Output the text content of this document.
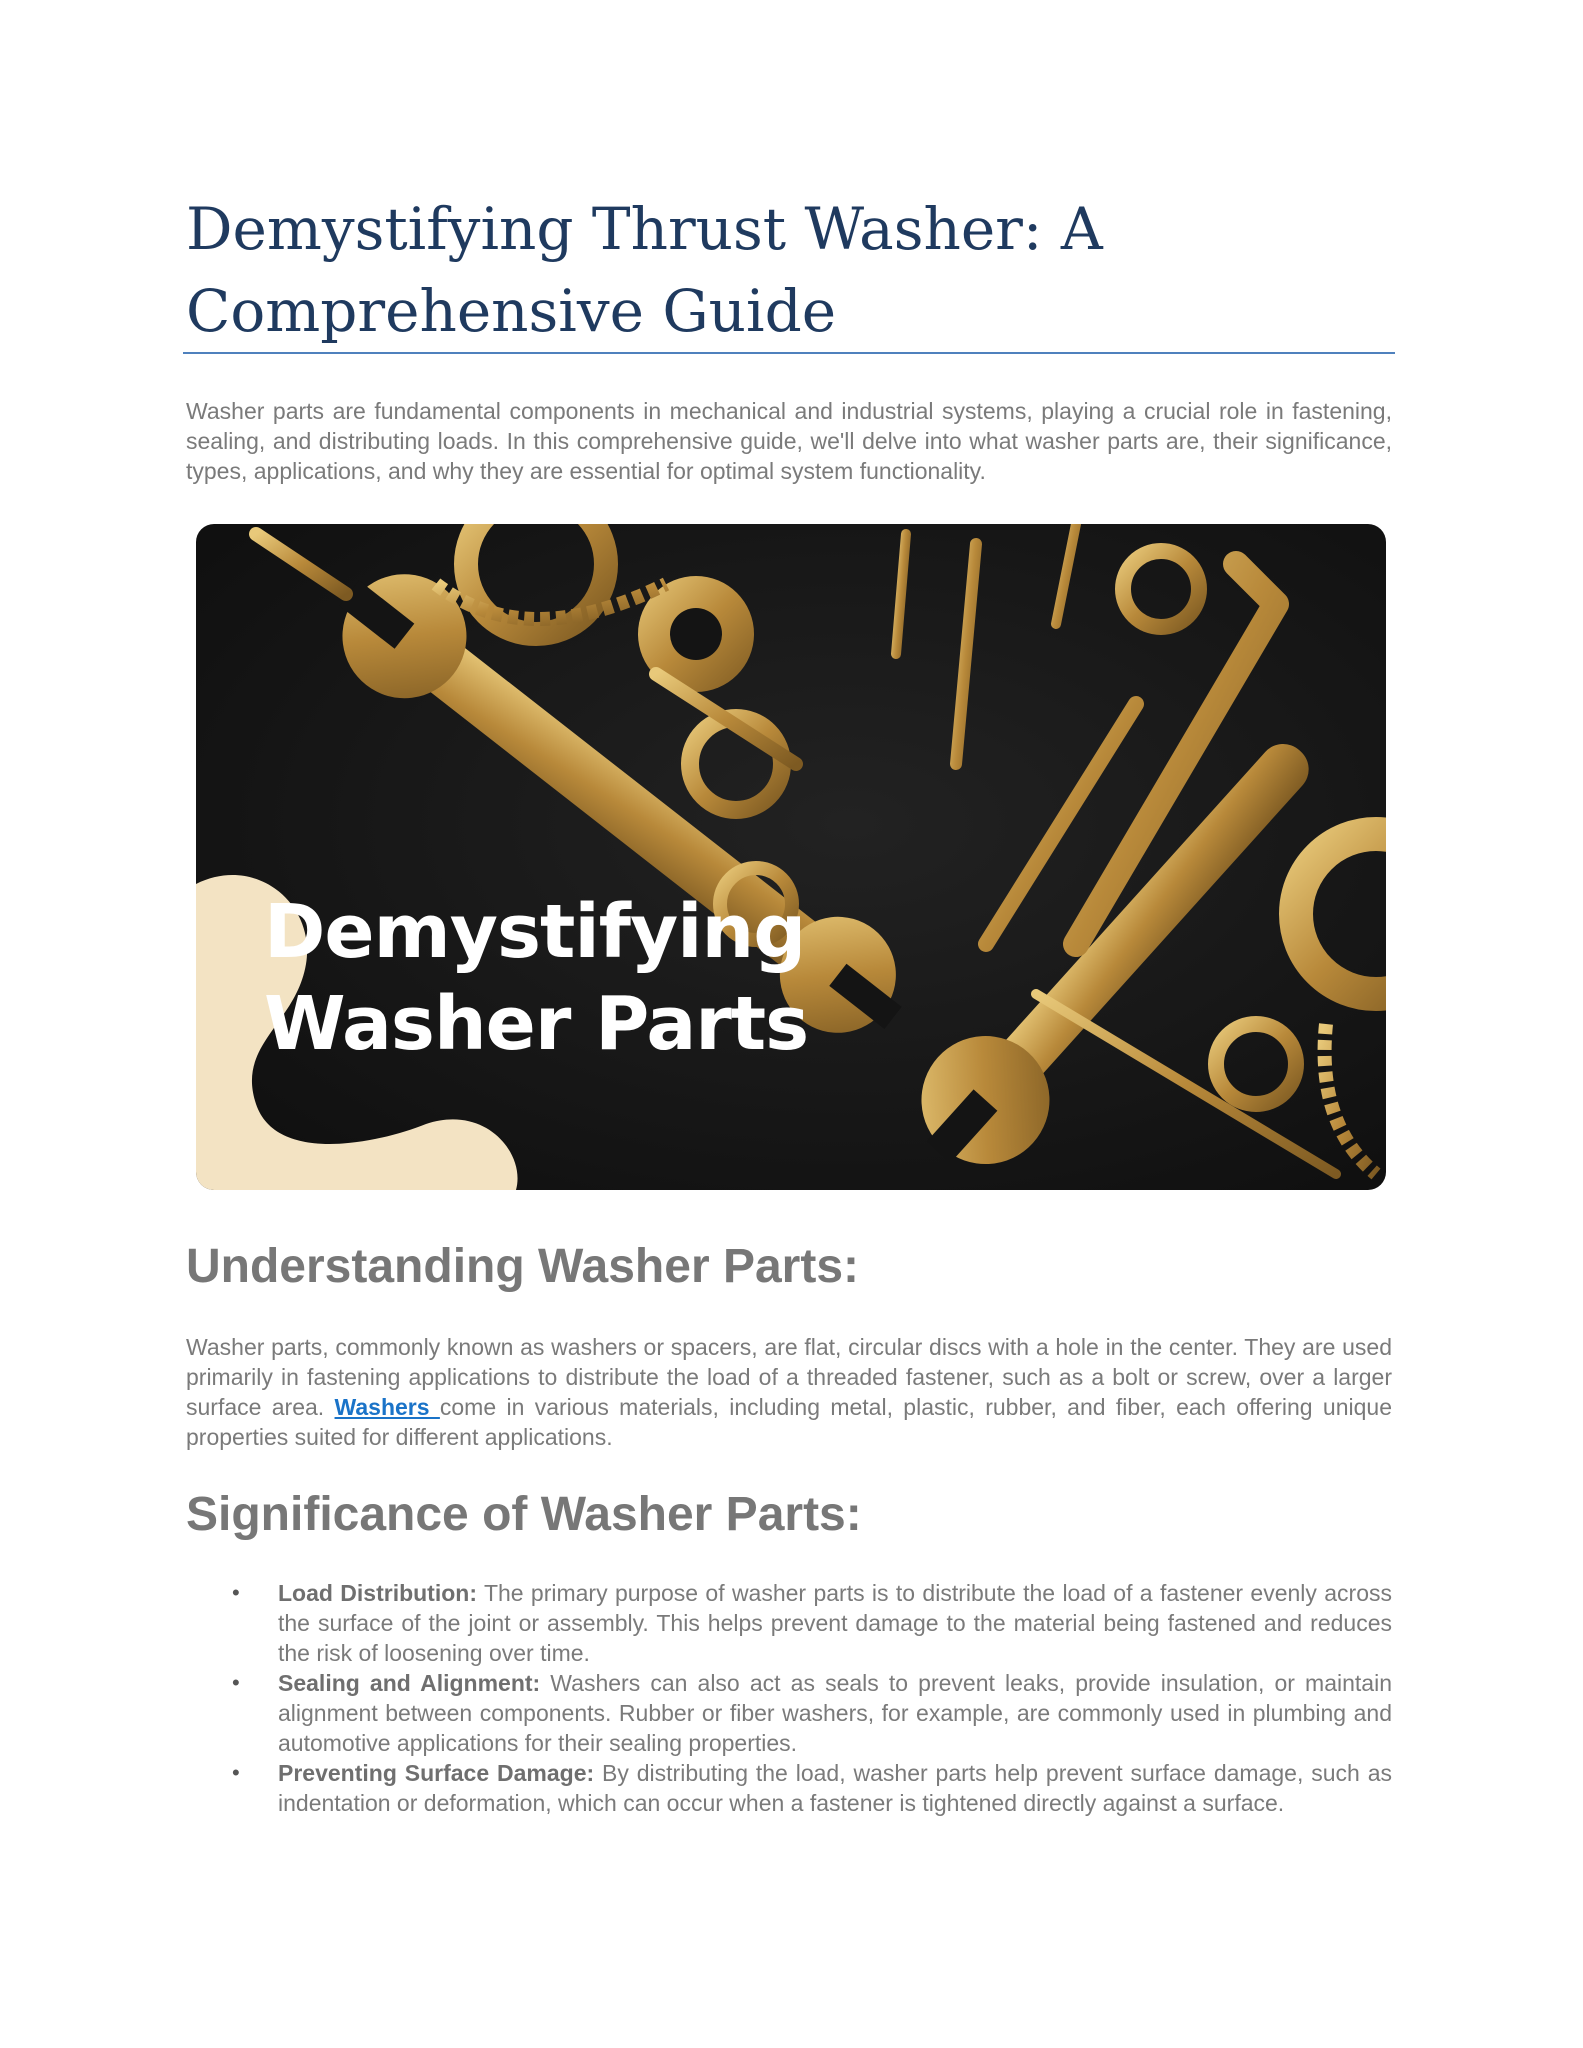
Demystifying Thrust Washer: A Comprehensive Guide

Washer parts are fundamental components in mechanical and industrial systems, playing a crucial role in fastening, sealing, and distributing loads. In this comprehensive guide, we'll delve into what washer parts are, their significance, types, applications, and why they are essential for optimal system functionality.

Demystifying
Washer Parts
Understanding Washer Parts:

Washer parts, commonly known as washers or spacers, are flat, circular discs with a hole in the center. They are used primarily in fastening applications to distribute the load of a threaded fastener, such as a bolt or screw, over a larger surface area. Washers come in various materials, including metal, plastic, rubber, and fiber, each offering unique properties suited for different applications.

Significance of Washer Parts:
• Load Distribution: The primary purpose of washer parts is to distribute the load of a fastener evenly across the surface of the joint or assembly. This helps prevent damage to the material being fastened and reduces the risk of loosening over time.
• Sealing and Alignment: Washers can also act as seals to prevent leaks, provide insulation, or maintain alignment between components. Rubber or fiber washers, for example, are commonly used in plumbing and automotive applications for their sealing properties.
• Preventing Surface Damage: By distributing the load, washer parts help prevent surface damage, such as indentation or deformation, which can occur when a fastener is tightened directly against a surface.
